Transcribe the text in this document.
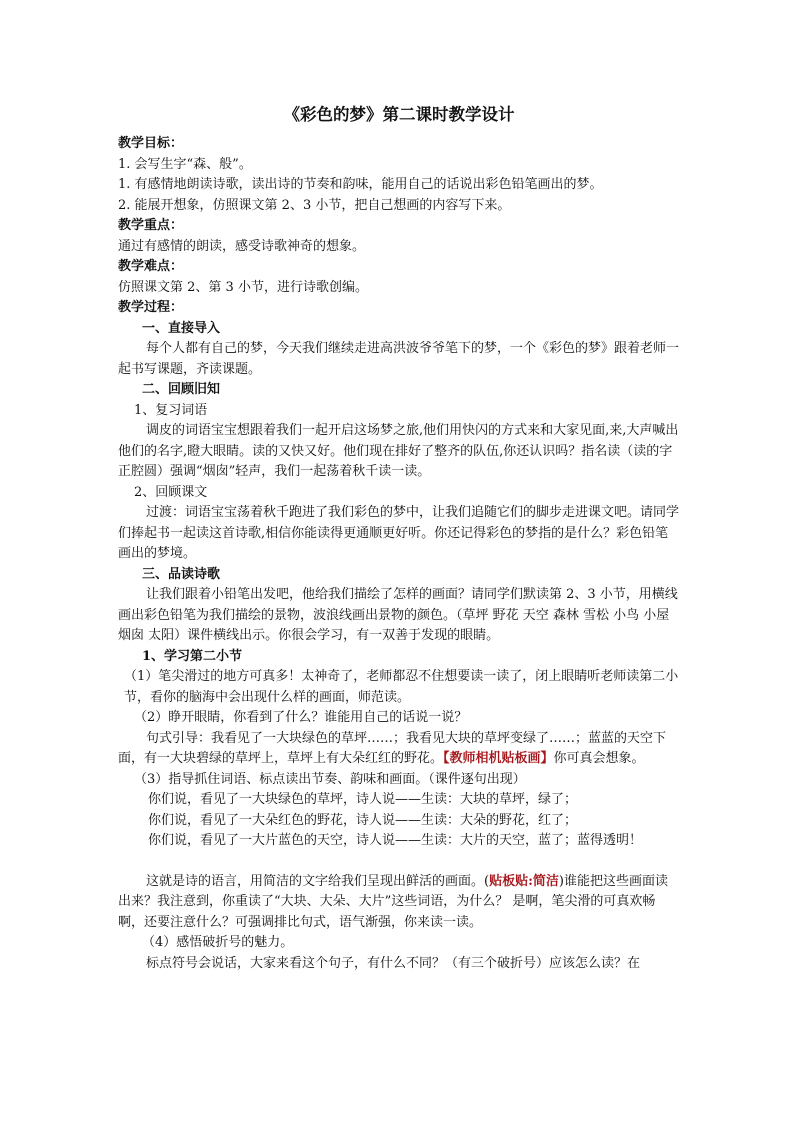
《彩色的梦》第二课时教学设计

教学目标：

1. 会写生字“森、般”。

1. 有感情地朗读诗歌，读出诗的节奏和韵味，能用自己的话说出彩色铅笔画出的梦。

2. 能展开想象，仿照课文第 2、3 小节，把自己想画的内容写下来。

教学重点：

通过有感情的朗读，感受诗歌神奇的想象。

教学难点：

仿照课文第 2、第 3 小节，进行诗歌创编。

教学过程：

一、直接导入

每个人都有自己的梦，今天我们继续走进高洪波爷爷笔下的梦，一个《彩色的梦》跟着老师一起书写课题，齐读课题。

二、回顾旧知

1、复习词语

调皮的词语宝宝想跟着我们一起开启这场梦之旅,他们用快闪的方式来和大家见面,来,大声喊出他们的名字,瞪大眼睛。读的又快又好。他们现在排好了整齐的队伍,你还认识吗？指名读（读的字正腔圆）强调“烟囱”轻声，我们一起荡着秋千读一读。

2、回顾课文

过渡：词语宝宝荡着秋千跑进了我们彩色的梦中，让我们追随它们的脚步走进课文吧。请同学们捧起书一起读这首诗歌,相信你能读得更通顺更好听。你还记得彩色的梦指的是什么？彩色铅笔画出的梦境。

三、品读诗歌

让我们跟着小铅笔出发吧，他给我们描绘了怎样的画面？请同学们默读第 2、3 小节，用横线画出彩色铅笔为我们描绘的景物，波浪线画出景物的颜色。（草坪 野花 天空 森林 雪松 小鸟 小屋 烟囱 太阳）课件横线出示。你很会学习，有一双善于发现的眼睛。

1、学习第二小节

（1）笔尖滑过的地方可真多！太神奇了，老师都忍不住想要读一读了，闭上眼睛听老师读第二小节，看你的脑海中会出现什么样的画面，师范读。

（2）睁开眼睛，你看到了什么？谁能用自己的话说一说？

句式引导：我看见了一大块绿色的草坪……；我看见大块的草坪变绿了……；蓝蓝的天空下面，有一大块碧绿的草坪上，草坪上有大朵红红的野花。【教师相机贴板画】你可真会想象。

（3）指导抓住词语、标点读出节奏、韵味和画面。（课件逐句出现）

你们说，看见了一大块绿色的草坪，诗人说——生读：大块的草坪，绿了；

你们说，看见了一大朵红色的野花，诗人说——生读：大朵的野花，红了；

你们说，看见了一大片蓝色的天空，诗人说——生读：大片的天空，蓝了；蓝得透明！

这就是诗的语言，用简洁的文字给我们呈现出鲜活的画面。(贴板贴:简洁)谁能把这些画面读出来？我注意到，你重读了“大块、大朵、大片”这些词语，为什么？ 是啊，笔尖滑的可真欢畅啊，还要注意什么？可强调排比句式，语气渐强，你来读一读。

（4）感悟破折号的魅力。

标点符号会说话，大家来看这个句子，有什么不同？（有三个破折号）应该怎么读？在
